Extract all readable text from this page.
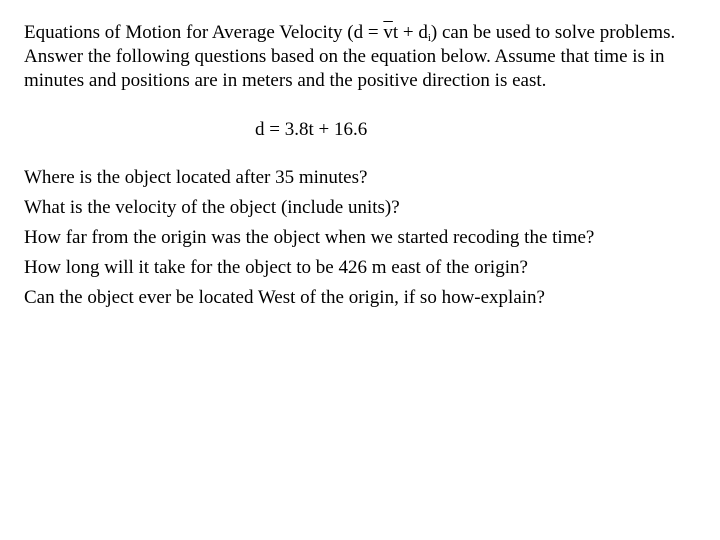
Equations of Motion for Average Velocity $(d = \overline{v}t + d_i)$ can be used to solve problems. Answer the following questions based on the equation below. Assume that time is in minutes and positions are in meters and the positive direction is east.

d = 3.8t + 16.6

Where is the object located after 35 minutes?
What is the velocity of the object (include units)?
How far from the origin was the object when we started recoding the time?
How long will it take for the object to be 426 m east of the origin?
Can the object ever be located West of the origin, if so how-explain?
